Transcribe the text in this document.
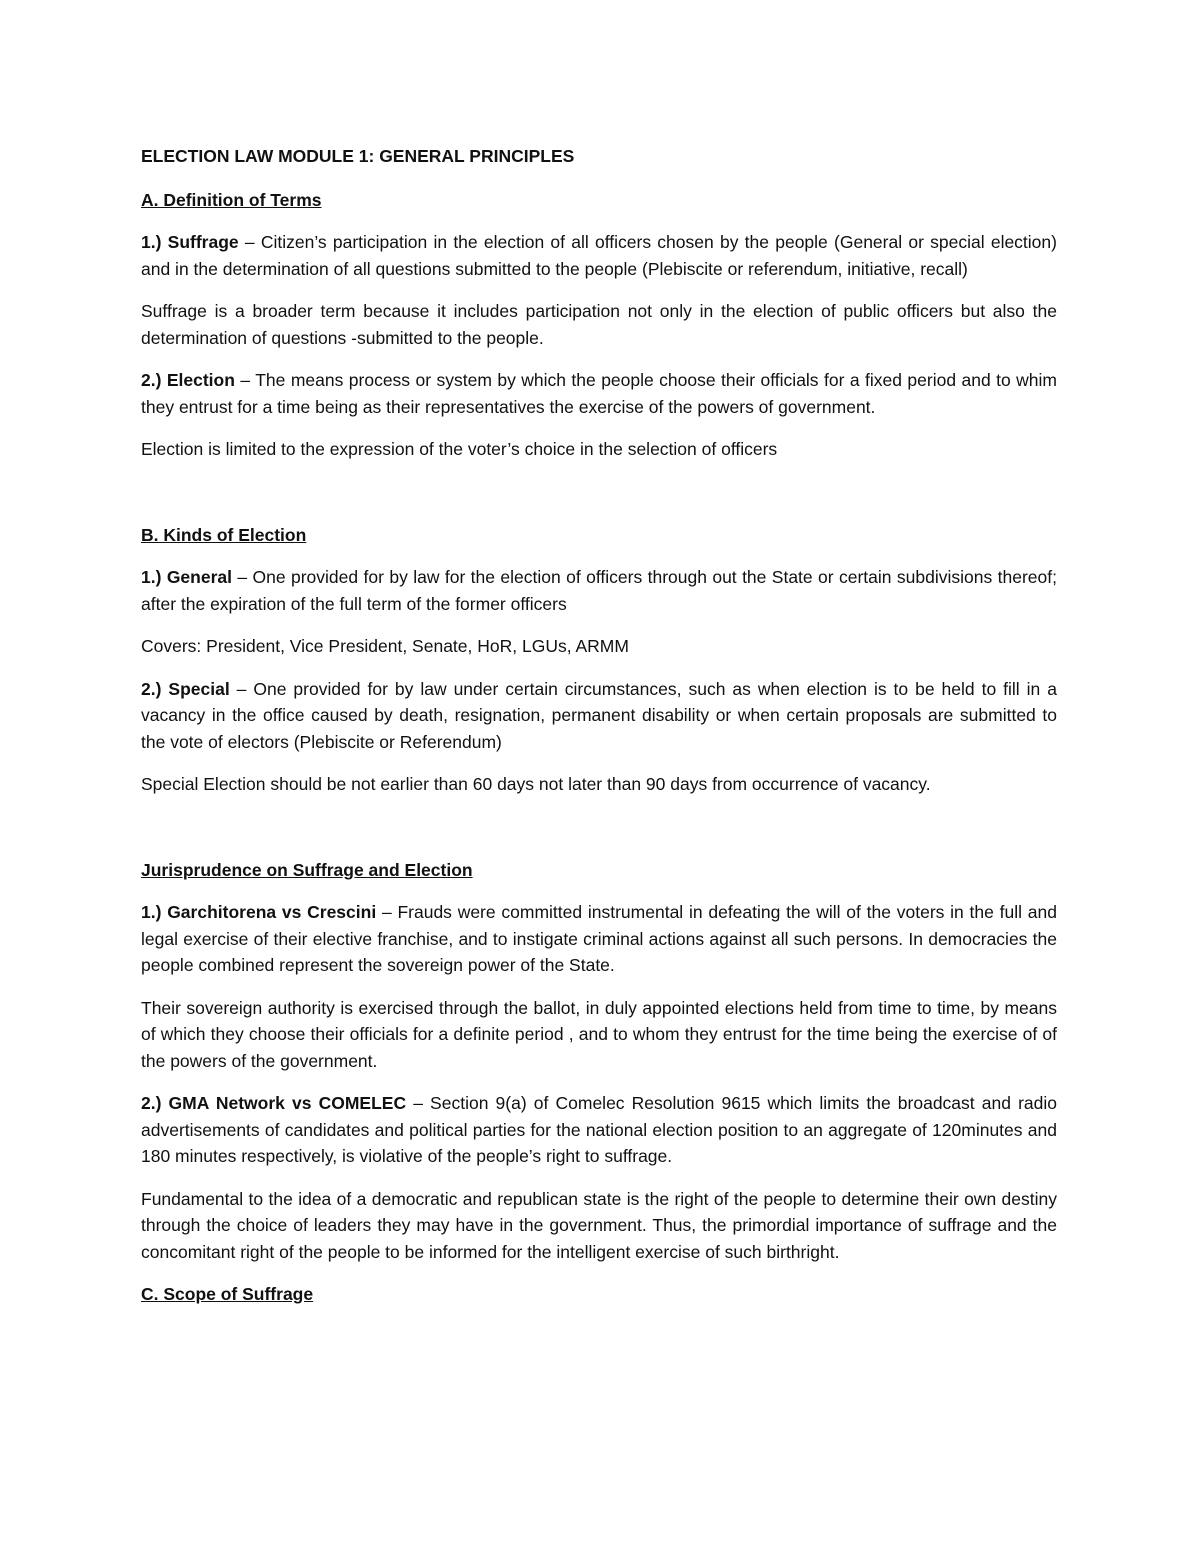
ELECTION LAW MODULE 1: GENERAL PRINCIPLES

A. Definition of Terms

1.) Suffrage – Citizen’s participation in the election of all officers chosen by the people (General or special election) and in the determination of all questions submitted to the people (Plebiscite or referendum, initiative, recall)

Suffrage is a broader term because it includes participation not only in the election of public officers but also the determination of questions -submitted to the people.

2.) Election – The means process or system by which the people choose their officials for a fixed period and to whim they entrust for a time being as their representatives the exercise of the powers of government.

Election is limited to the expression of the voter’s choice in the selection of officers

B. Kinds of Election

1.) General – One provided for by law for the election of officers through out the State or certain subdivisions thereof; after the expiration of the full term of the former officers

Covers: President, Vice President, Senate, HoR, LGUs, ARMM

2.) Special – One provided for by law under certain circumstances, such as when election is to be held to fill in a vacancy in the office caused by death, resignation, permanent disability or when certain proposals are submitted to the vote of electors (Plebiscite or Referendum)

Special Election should be not earlier than 60 days not later than 90 days from occurrence of vacancy.

Jurisprudence on Suffrage and Election

1.) Garchitorena vs Crescini – Frauds were committed instrumental in defeating the will of the voters in the full and legal exercise of their elective franchise, and to instigate criminal actions against all such persons. In democracies the people combined represent the sovereign power of the State.

Their sovereign authority is exercised through the ballot, in duly appointed elections held from time to time, by means of which they choose their officials for a definite period , and to whom they entrust for the time being the exercise of of the powers of the government.

2.) GMA Network vs COMELEC – Section 9(a) of Comelec Resolution 9615 which limits the broadcast and radio advertisements of candidates and political parties for the national election position to an aggregate of 120minutes and 180 minutes respectively, is violative of the people’s right to suffrage.

Fundamental to the idea of a democratic and republican state is the right of the people to determine their own destiny through the choice of leaders they may have in the government. Thus, the primordial importance of suffrage and the concomitant right of the people to be informed for the intelligent exercise of such birthright.

C. Scope of Suffrage
